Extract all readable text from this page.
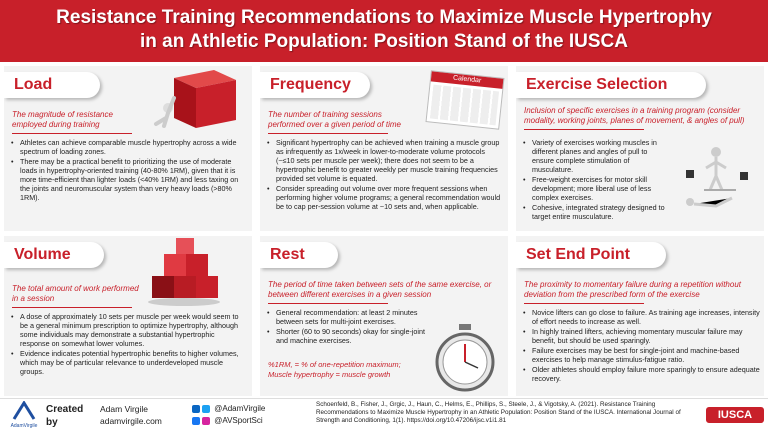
Resistance Training Recommendations to Maximize Muscle Hypertrophy
in an Athletic Population: Position Stand of the IUSCA
Load
The magnitude of resistance employed during training
• Athletes can achieve comparable muscle hypertrophy across a wide spectrum of loading zones.
• There may be a practical benefit to prioritizing the use of moderate loads in hypertrophy-oriented training (40-80% 1RM), given that it is more time-efficient than lighter loads (<40% 1RM) and less taxing on the joints and neuromuscular system than very heavy loads (>80% 1RM).
Frequency	Calendar
The number of training sessions performed over a given period of time
• Significant hypertrophy can be achieved when training a muscle group as infrequently as 1x/week in lower-to-moderate volume protocols (~≤10 sets per muscle per week); there does not seem to be a hypertrophic benefit to greater weekly per muscle training frequencies provided set volume is equated.
• Consider spreading out volume over more frequent sessions when performing higher volume programs; a general recommendation would be to cap per-session volume at ~10 sets and, when applicable.
Exercise Selection
Inclusion of specific exercises in a training program (consider modality, working joints, planes of movement, & angles of pull)
• Variety of exercises working muscles in different planes and angles of pull to ensure complete stimulation of musculature.
• Free-weight exercises for motor skill development; more liberal use of less complex exercises.
• Cohesive, integrated strategy designed to target entire musculature.
Volume
The total amount of work performed in a session
• A dose of approximately 10 sets per muscle per week would seem to be a general minimum prescription to optimize hypertrophy, although some individuals may demonstrate a substantial hypertrophic response on somewhat lower volumes.
• Evidence indicates potential hypertrophic benefits to higher volumes, which may be of particular relevance to underdeveloped muscle groups.
Rest
The period of time taken between sets of the same exercise, or between different exercises in a given session
• General recommendation: at least 2 minutes between sets for multi-joint exercises.
• Shorter (60 to 90 seconds) okay for single-joint and machine exercises.
%1RM, = % of one-repetition maximum;
Muscle hypertrophy = muscle growth
Set End Point
The proximity to momentary failure during a repetition without deviation from the prescribed form of the exercise
• Novice lifters can go close to failure. As training age increases, intensity of effort needs to increase as well.
• In highly trained lifters, achieving momentary muscular failure may benefit, but should be used sparingly.
• Failure exercises may be best for single-joint and machine-based exercises to help manage stimulus-fatigue ratio.
• Older athletes should employ failure more sparingly to ensure adequate recovery.
AdamVirgile
Created by
Adam Virgile
adamvirgile.com
@AdamVirgile
@AVSportSci
Schoenfeld, B., Fisher, J., Grgic, J., Haun, C., Helms, E., Phillips, S., Steele, J., & Vigotsky, A. (2021). Resistance Training Recommendations to Maximize Muscle Hypertrophy in an Athletic Population: Position Stand of the IUSCA. International Journal of Strength and Conditioning, 1(1). https://doi.org/10.47206/ijsc.v1i1.81	IUSCA
